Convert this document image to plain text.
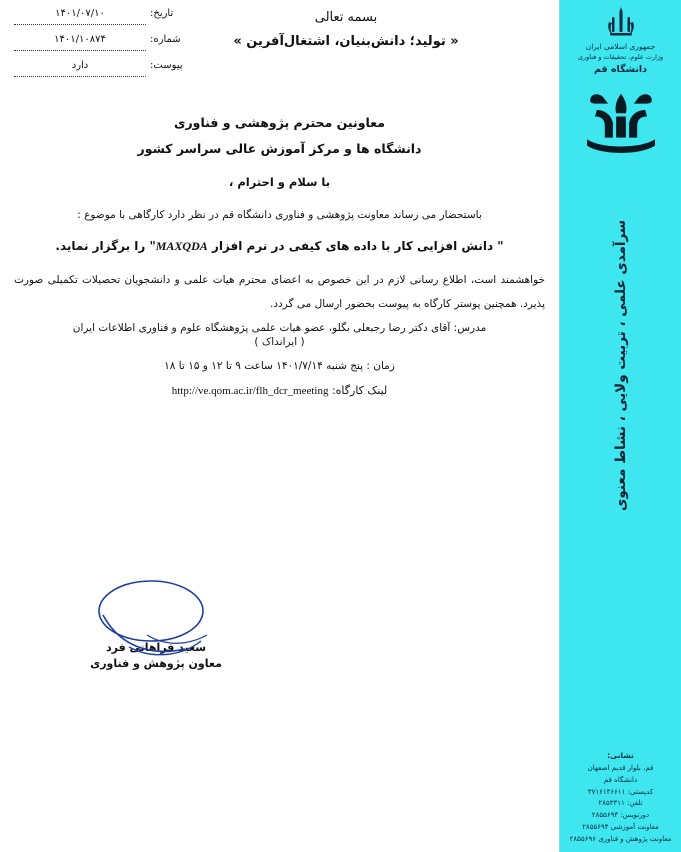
تاریخ:
۱۴۰۱/۰۷/۱۰
شماره:
۱۴۰۱/۱۰۸۷۴
پیوست:
دارد
بسمه تعالی
« تولید؛ دانش‌بنیان، اشتغال‌آفرین »
معاونین محترم پژوهشی و فناوری
دانشگاه ها و مرکز آموزش عالی سراسر کشور
با سلام و احترام ،
باستحضار می رساند معاونت پژوهشی و فناوری دانشگاه قم در نظر دارد کارگاهی با موضوع :
" دانش افزایی کار با داده های کیفی در نرم افزار MAXQDA" را برگزار نماید.
خواهشمند است، اطلاع رسانی لازم در این خصوص به اعضای محترم هیات علمی و دانشجویان تحصیلات تکمیلی صورت پذیرد. همچنین پوستر کارگاه به پیوست بحضور ارسال می گردد.
مدرس: آقای دکتر رضا رجبعلی بگلو، عضو هیات علمی پژوهشگاه علوم و فناوری اطلاعات ایران
( ایرانداک )
زمان : پنج شنبه ۱۴۰۱/۷/۱۴ ساعت ۹ تا ۱۲ و ۱۵ تا ۱۸
لینک کارگاه: http://ve.qom.ac.ir/flh_dcr_meeting
سعید فراهانی فرد
معاون پژوهش و فناوری
جمهوری اسلامی ایران
وزارت علوم، تحقیقات و فناوری
دانشگاه قم
سرآمدی علمی ، تربیت ولایی ، نشاط معنوی
نشانی:
قم، بلوار قدیم اصفهان
دانشگاه قم
کدپستی: ۳۷۱۶۱۴۶۶۱۱
تلفن: ۲۸۵۳۳۱۱
دورنویس: ۲۸۵۵۶۹۴
معاونت آموزشی ۲۸۵۵۶۹۴
معاونت پژوهش و فناوری ۲۸۵۵۶۹۶
